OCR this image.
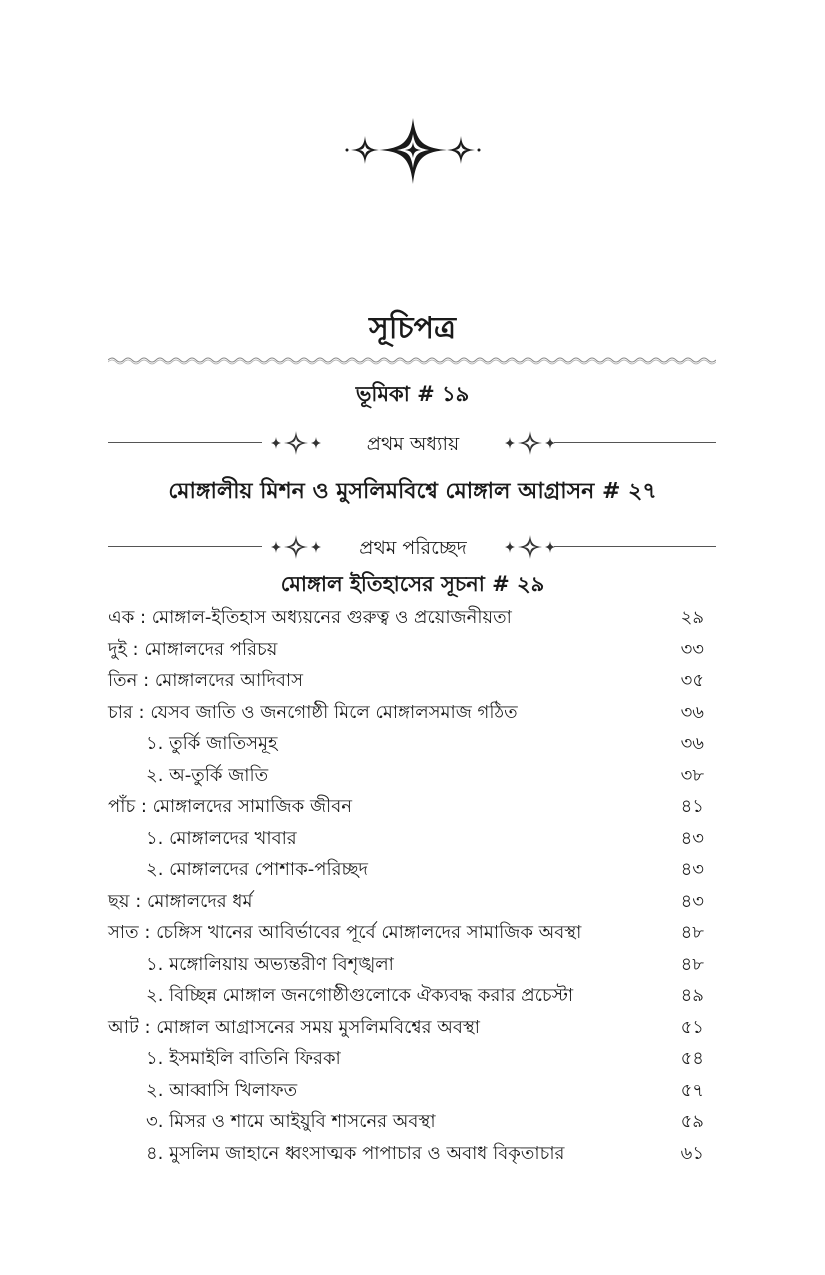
সূচিপত্র
ভূমিকা # ১৯
প্রথম অধ্যায়
মোঙ্গালীয় মিশন ও মুসলিমবিশ্বে মোঙ্গাল আগ্রাসন # ২৭
প্রথম পরিচ্ছেদ
মোঙ্গাল ইতিহাসের সূচনা # ২৯
এক : মোঙ্গাল-ইতিহাস অধ্যয়নের গুরুত্ব ও প্রয়োজনীয়তা	২৯
দুই : মোঙ্গালদের পরিচয়	৩৩
তিন : মোঙ্গালদের আদিবাস	৩৫
চার : যেসব জাতি ও জনগোষ্ঠী মিলে মোঙ্গালসমাজ গঠিত	৩৬
১. তুর্কি জাতিসমূহ	৩৬
২. অ-তুর্কি জাতি	৩৮
পাঁচ : মোঙ্গালদের সামাজিক জীবন	৪১
১. মোঙ্গালদের খাবার	৪৩
২. মোঙ্গালদের পোশাক-পরিচ্ছদ	৪৩
ছয় : মোঙ্গালদের ধর্ম	৪৩
সাত : চেঙ্গিস খানের আবির্ভাবের পূর্বে মোঙ্গালদের সামাজিক অবস্থা	৪৮
১. মঙ্গোলিয়ায় অভ্যন্তরীণ বিশৃঙ্খলা	৪৮
২. বিচ্ছিন্ন মোঙ্গাল জনগোষ্ঠীগুলোকে ঐক্যবদ্ধ করার প্রচেস্টা	৪৯
আট : মোঙ্গাল আগ্রাসনের সময় মুসলিমবিশ্বের অবস্থা	৫১
১. ইসমাইলি বাতিনি ফিরকা	৫৪
২. আব্বাসি খিলাফত	৫৭
৩. মিসর ও শামে আইয়ুবি শাসনের অবস্থা	৫৯
৪. মুসলিম জাহানে ধ্বংসাত্মক পাপাচার ও অবাধ বিকৃতাচার	৬১
